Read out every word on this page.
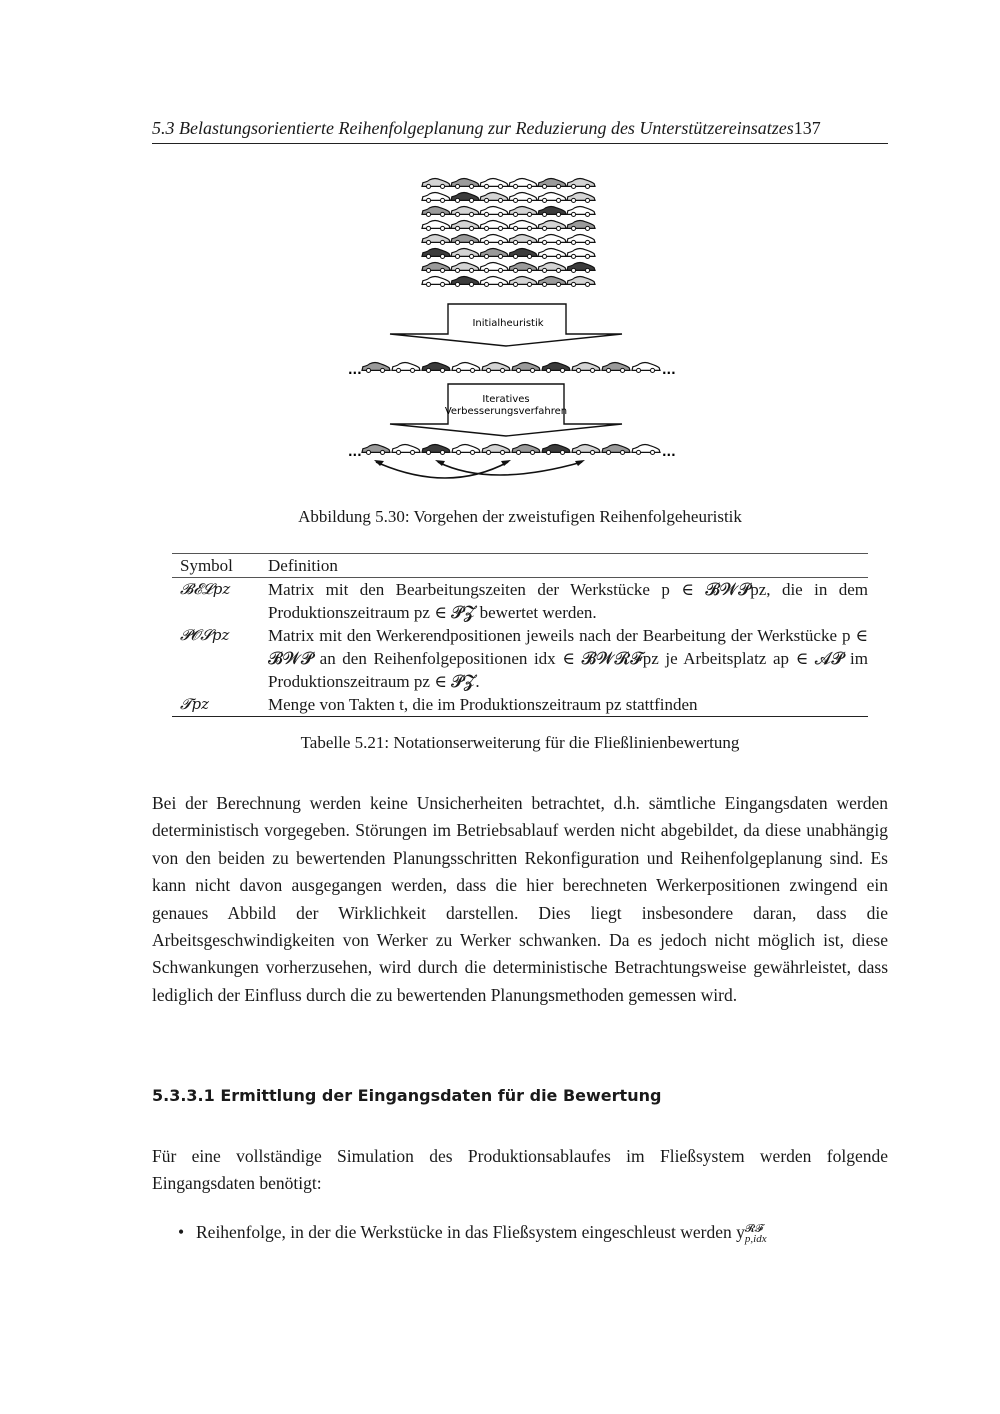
5.3 Belastungsorientierte Reihenfolgeplanung zur Reduzierung des Unterstützereinsatzes137
Initialheuristik
...	...
Iteratives
Verbesserungsverfahren
...	...
Abbildung 5.30: Vorgehen der zweistufigen Reihenfolgeheuristik
Symbol	Definition
𝓑𝓔𝓛pz	Matrix mit den Bearbeitungszeiten der Werkstücke p ∈ 𝓑𝓦𝓟pz, die in dem Produktionszeitraum pz ∈ 𝓟𝓩 bewertet werden.
𝓟𝓞𝓢pz	Matrix mit den Werkerendpositionen jeweils nach der Bearbeitung der Werkstücke p ∈ 𝓑𝓦𝓟 an den Reihenfolgepositionen idx ∈ 𝓑𝓦𝓡𝓕pz je Arbeitsplatz ap ∈ 𝓐𝓟 im Produktionszeitraum pz ∈ 𝓟𝓩.
𝓣pz	Menge von Takten t, die im Produktionszeitraum pz stattfinden
Tabelle 5.21: Notationserweiterung für die Fließlinienbewertung

Bei der Berechnung werden keine Unsicherheiten betrachtet, d.h. sämtliche Eingangsdaten werden deterministisch vorgegeben. Störungen im Betriebsablauf werden nicht abgebildet, da diese unabhängig von den beiden zu bewertenden Planungsschritten Rekonfiguration und Reihenfolgeplanung sind. Es kann nicht davon ausgegangen werden, dass die hier berechneten Werkerpositionen zwingend ein genaues Abbild der Wirklichkeit darstellen. Dies liegt insbesondere daran, dass die Arbeitsgeschwindigkeiten von Werker zu Werker schwanken. Da es jedoch nicht möglich ist, diese Schwankungen vorherzusehen, wird durch die deterministische Betrachtungsweise gewährleistet, dass lediglich der Einfluss durch die zu bewertenden Planungsmethoden gemessen wird.

5.3.3.1 Ermittlung der Eingangsdaten für die Bewertung

Für eine vollständige Simulation des Produktionsablaufes im Fließsystem werden folgende Eingangsdaten benötigt:

• Reihenfolge, in der die Werkstücke in das Fließsystem eingeschleust werden y 𝓡𝓕
p,idx
